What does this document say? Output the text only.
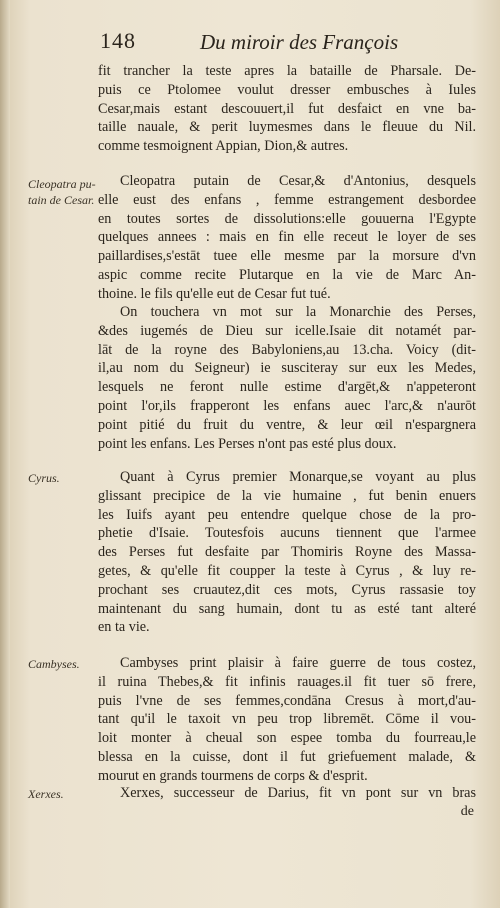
148	Du miroir des François
fit trancher la teste apres la bataille de Pharsale. De-
puis ce Ptolomee voulut dresser embusches à Iules
Cesar,mais estant descouuert,il fut desfaict en vne ba-
taille nauale, & perit luymesmes dans le fleuue du Nil.
comme tesmoignent Appian, Dion,& autres.
Cleopatra pu-
tain de Cesar.
Cleopatra putain de Cesar,& d'Antonius, desquels
elle eust des enfans , femme estrangement desbordee
en toutes sortes de dissolutions:elle gouuerna l'Egypte
quelques annees : mais en fin elle receut le loyer de ses
paillardises,s'estāt tuee elle mesme par la morsure d'vn
aspic comme recite Plutarque en la vie de Marc An-
thoine. le fils qu'elle eut de Cesar fut tué.
On touchera vn mot sur la Monarchie des Perses,
&des iugemés de Dieu sur icelle.Isaie dit notamét par-
lāt de la royne des Babyloniens,au 13.cha. Voicy (dit-
il,au nom du Seigneur) ie susciteray sur eux les Medes,
lesquels ne feront nulle estime d'argēt,& n'appeteront
point l'or,ils frapperont les enfans auec l'arc,& n'aurōt
point pitié du fruit du ventre, & leur œil n'espargnera
point les enfans. Les Perses n'ont pas esté plus doux.
Cyrus.	Quant à Cyrus premier Monarque,se voyant au plus
glissant precipice de la vie humaine , fut benin enuers
les Iuifs ayant peu entendre quelque chose de la pro-
phetie d'Isaie. Toutesfois aucuns tiennent que l'armee
des Perses fut desfaite par Thomiris Royne des Massa-
getes, & qu'elle fit coupper la teste à Cyrus , & luy re-
prochant ses cruautez,dit ces mots, Cyrus rassasie toy
maintenant du sang humain, dont tu as esté tant alteré
en ta vie.
Cambyses.	Cambyses print plaisir à faire guerre de tous costez,
il ruina Thebes,& fit infinis rauages.il fit tuer sō frere,
puis l'vne de ses femmes,condāna Cresus à mort,d'au-
tant qu'il le taxoit vn peu trop libremēt. Cōme il vou-
loit monter à cheual son espee tomba du fourreau,le
blessa en la cuisse, dont il fut griefuement malade, &
mourut en grands tourmens de corps & d'esprit.
Xerxes.	Xerxes, successeur de Darius, fit vn pont sur vn bras
de
